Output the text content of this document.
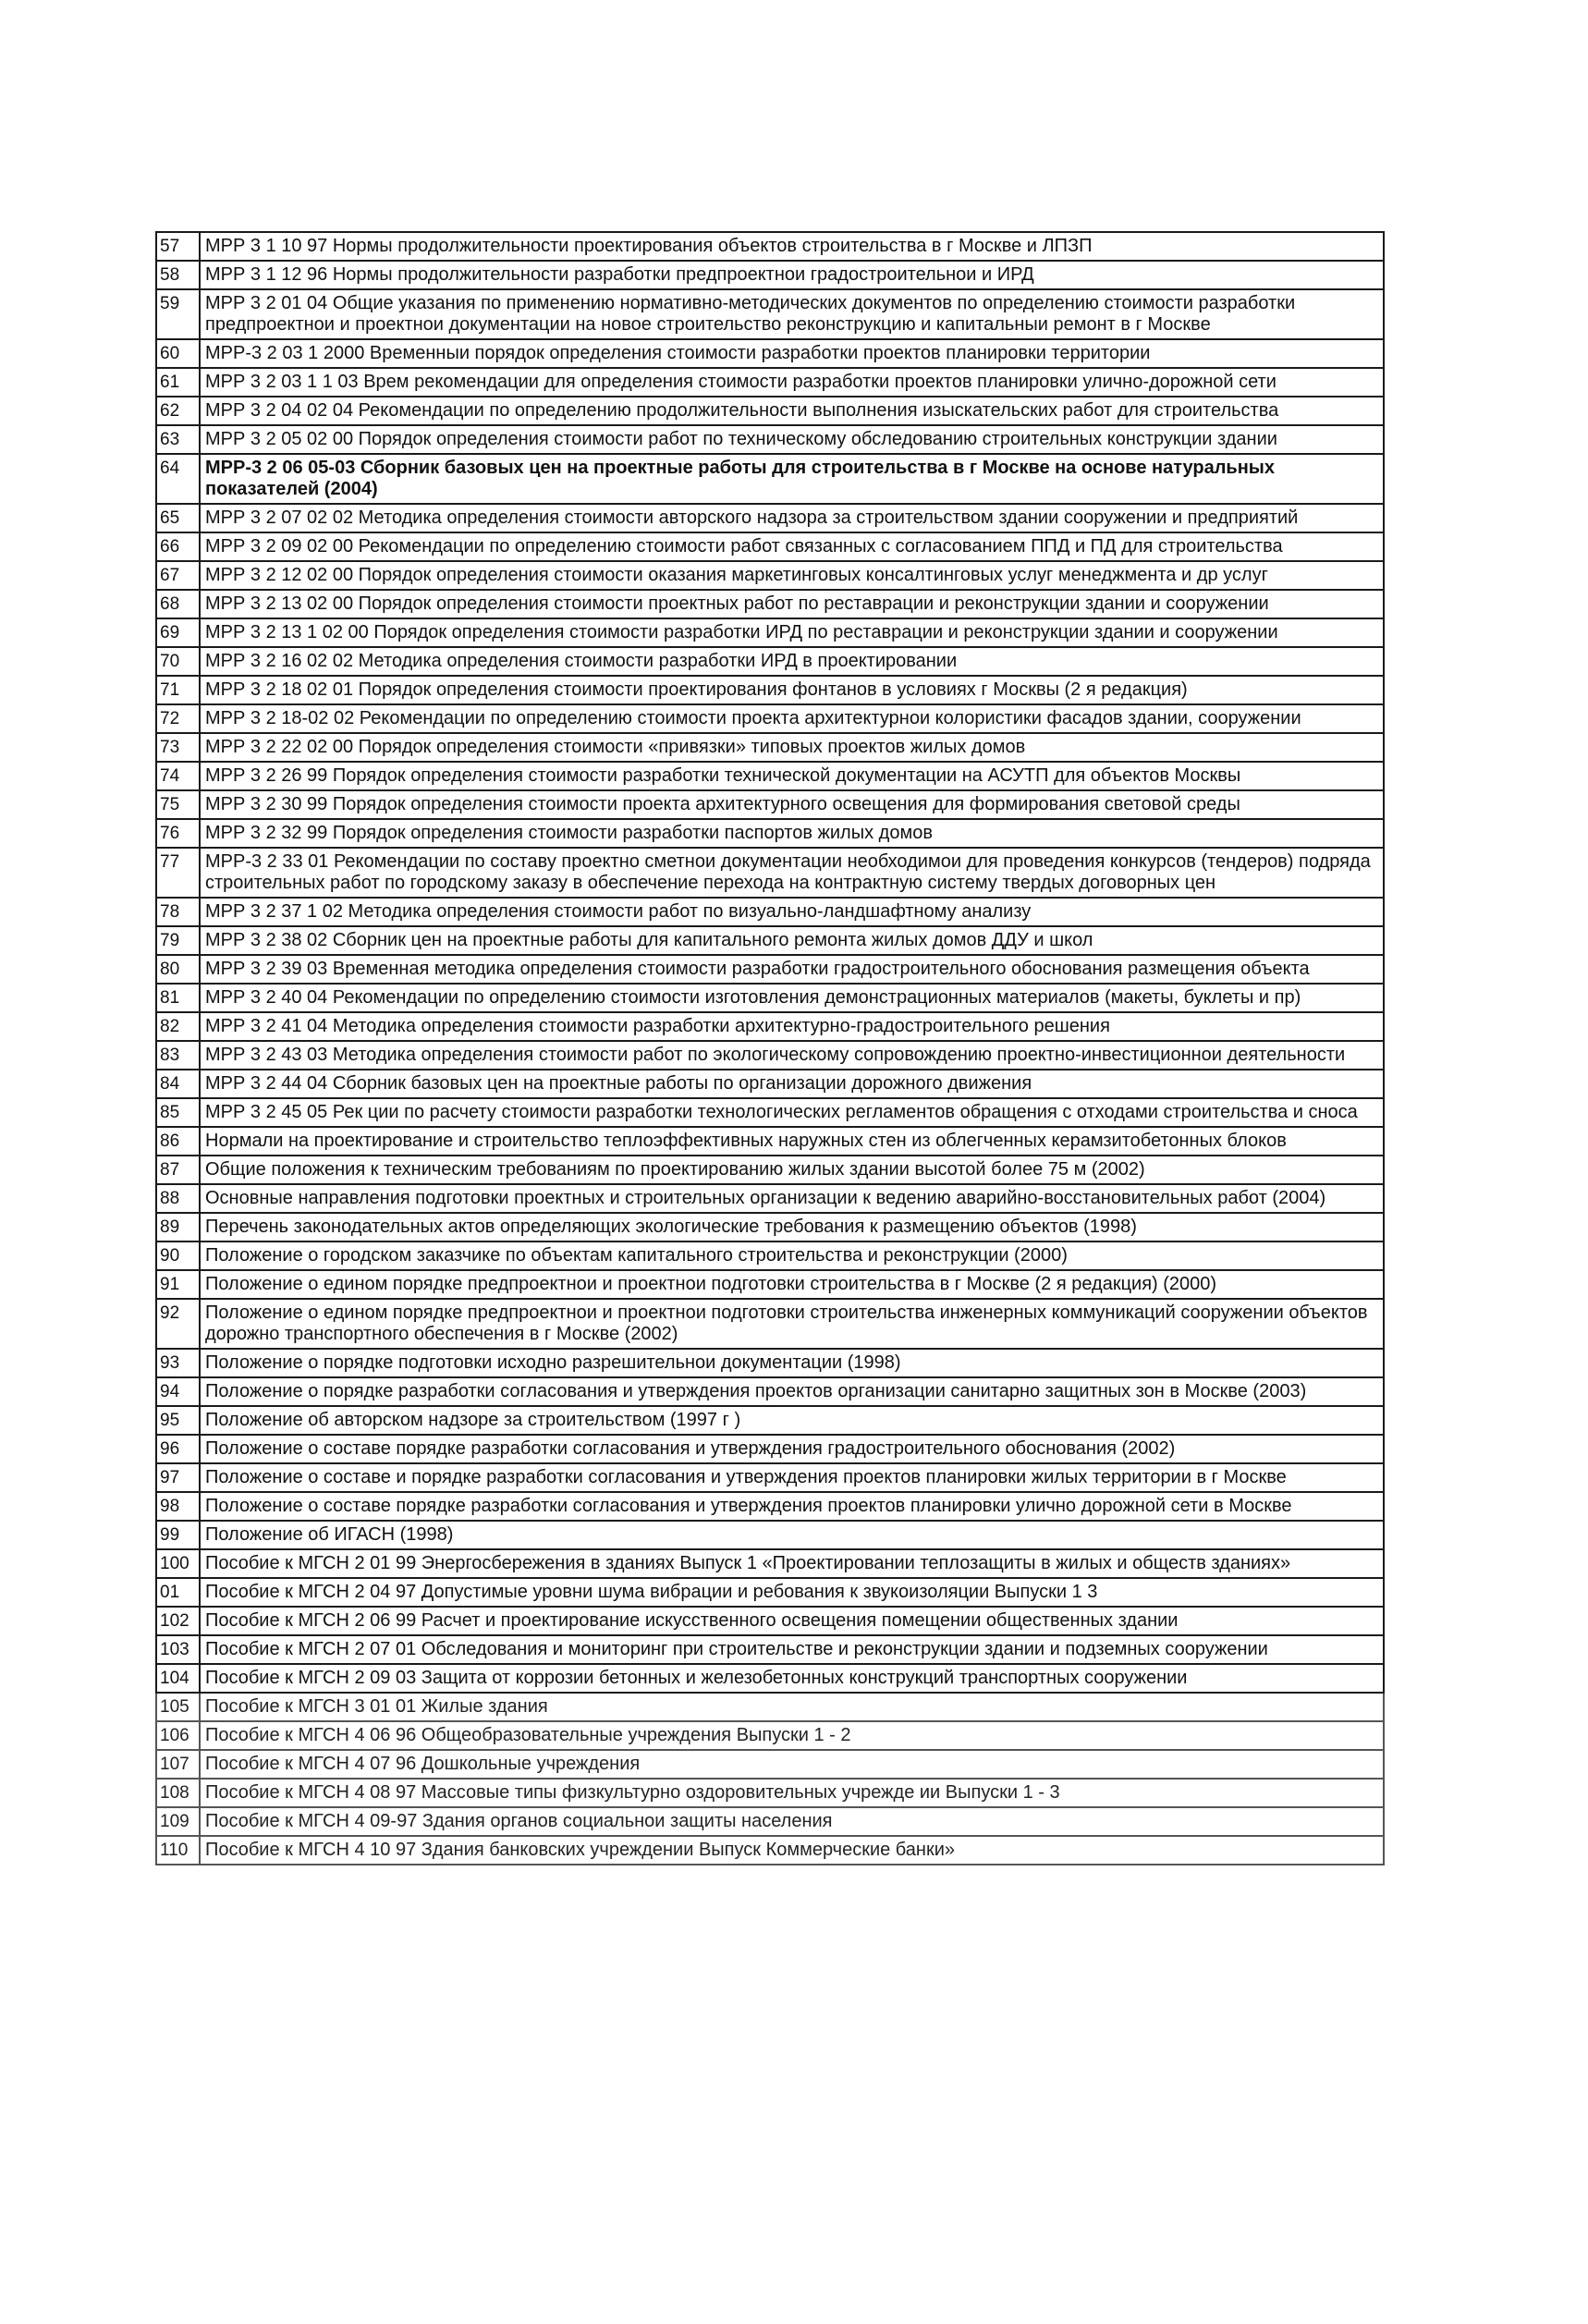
57	МРР 3 1 10 97 Нормы продолжительности проектирования объектов строительства в г Москве и ЛПЗП
58	МРР 3 1 12 96 Нормы продолжительности разработки предпроектнои градостроительнои и ИРД
59	МРР 3 2 01 04 Общие указания по применению нормативно-методических документов по определению стоимости разработки предпроектнои и проектнои документации на новое строительство реконструкцию и капитальныи ремонт в г Москве
60	МРР-3 2 03 1 2000 Временныи порядок определения стоимости разработки проектов планировки территории
61	МРР 3 2 03 1 1 03 Врем рекомендации для определения стоимости разработки проектов планировки улично-дорожной сети
62	МРР 3 2 04 02 04 Рекомендации по определению продолжительности выполнения изыскательских работ для строительства
63	МРР 3 2 05 02 00 Порядок определения стоимости работ по техническому обследованию строительных конструкции здании
64	МРР-3 2 06 05-03 Сборник базовых цен на проектные работы для строительства в г Москве на основе натуральных показателей (2004)
65	МРР 3 2 07 02 02 Методика определения стоимости авторского надзора за строительством здании сооружении и предприятий
66	МРР 3 2 09 02 00 Рекомендации по определению стоимости работ связанных с согласованием ППД и ПД для строительства
67	МРР 3 2 12 02 00 Порядок определения стоимости оказания маркетинговых консалтинговых услуг менеджмента и др услуг
68	МРР 3 2 13 02 00 Порядок определения стоимости проектных работ по реставрации и реконструкции здании и сооружении
69	МРР 3 2 13 1 02 00 Порядок определения стоимости разработки ИРД по реставрации и реконструкции здании и сооружении
70	МРР 3 2 16 02 02 Методика определения стоимости разработки ИРД в проектировании
71	МРР 3 2 18 02 01 Порядок определения стоимости проектирования фонтанов в условиях г Москвы (2 я редакция)
72	МРР 3 2 18-02 02 Рекомендации по определению стоимости проекта архитектурнои колористики фасадов здании, сооружении
73	МРР 3 2 22 02 00 Порядок определения стоимости «привязки» типовых проектов жилых домов
74	МРР 3 2 26 99 Порядок определения стоимости разработки технической документации на АСУТП для объектов Москвы
75	МРР 3 2 30 99 Порядок определения стоимости проекта архитектурного освещения для формирования световой среды
76	МРР 3 2 32 99 Порядок определения стоимости разработки паспортов жилых домов
77	МРР-3 2 33 01 Рекомендации по составу проектно сметнои документации необходимои для проведения конкурсов (тендеров) подряда строительных работ по городскому заказу в обеспечение перехода на контрактную систему твердых договорных цен
78	МРР 3 2 37 1 02 Методика определения стоимости работ по визуально-ландшафтному анализу
79	МРР 3 2 38 02 Сборник цен на проектные работы для капитального ремонта жилых домов ДДУ и школ
80	МРР 3 2 39 03 Временная методика определения стоимости разработки градостроительного обоснования размещения объекта
81	МРР 3 2 40 04 Рекомендации по определению стоимости изготовления демонстрационных материалов (макеты, буклеты и пр)
82	МРР 3 2 41 04 Методика определения стоимости разработки архитектурно-градостроительного решения
83	МРР 3 2 43 03 Методика определения стоимости работ по экологическому сопровождению проектно-инвестиционнои деятельности
84	МРР 3 2 44 04 Сборник базовых цен на проектные работы по организации дорожного движения
85	МРР 3 2 45 05 Рек ции по расчету стоимости разработки технологических регламентов обращения с отходами строительства и сноса
86	Нормали на проектирование и строительство теплоэффективных наружных стен из облегченных керамзитобетонных блоков
87	Общие положения к техническим требованиям по проектированию жилых здании высотой более 75 м (2002)
88	Основные направления подготовки проектных и строительных организации к ведению аварийно-восстановительных работ (2004)
89	Перечень законодательных актов определяющих экологические требования к размещению объектов (1998)
90	Положение о городском заказчике по объектам капитального строительства и реконструкции (2000)
91	Положение о едином порядке предпроектнои и проектнои подготовки строительства в г Москве (2 я редакция) (2000)
92	Положение о едином порядке предпроектнои и проектнои подготовки строительства инженерных коммуникаций сооружении объектов дорожно транспортного обеспечения в г Москве (2002)
93	Положение о порядке подготовки исходно разрешительнои документации (1998)
94	Положение о порядке разработки согласования и утверждения проектов организации санитарно защитных зон в Москве (2003)
95	Положение об авторском надзоре за строительством (1997 г )
96	Положение о составе порядке разработки согласования и утверждения градостроительного обоснования (2002)
97	Положение о составе и порядке разработки согласования и утверждения проектов планировки жилых территории в г Москве
98	Положение о составе порядке разработки согласования и утверждения проектов планировки улично дорожной сети в Москве
99	Положение об ИГАСН (1998)
100	Пособие к МГСН 2 01 99 Энергосбережения в зданиях Выпуск 1 «Проектировании теплозащиты в жилых и обществ зданиях»
01	Пособие к МГСН 2 04 97 Допустимые уровни шума вибрации и ребования к звукоизоляции Выпуски 1 3
102	Пособие к МГСН 2 06 99 Расчет и проектирование искусственного освещения помещении общественных здании
103	Пособие к МГСН 2 07 01 Обследования и мониторинг при строительстве и реконструкции здании и подземных сооружении
104	Пособие к МГСН 2 09 03 Защита от коррозии бетонных и железобетонных конструкций транспортных сооружении
105	Пособие к МГСН 3 01 01 Жилые здания
106	Пособие к МГСН 4 06 96 Общеобразовательные учреждения Выпуски 1 - 2
107	Пособие к МГСН 4 07 96 Дошкольные учреждения
108	Пособие к МГСН 4 08 97 Массовые типы физкультурно оздоровительных учрежде ии Выпуски 1 - 3
109	Пособие к МГСН 4 09-97 Здания органов социальнои защиты населения
110	Пособие к МГСН 4 10 97 Здания банковских учреждении Выпуск Коммерческие банки»
